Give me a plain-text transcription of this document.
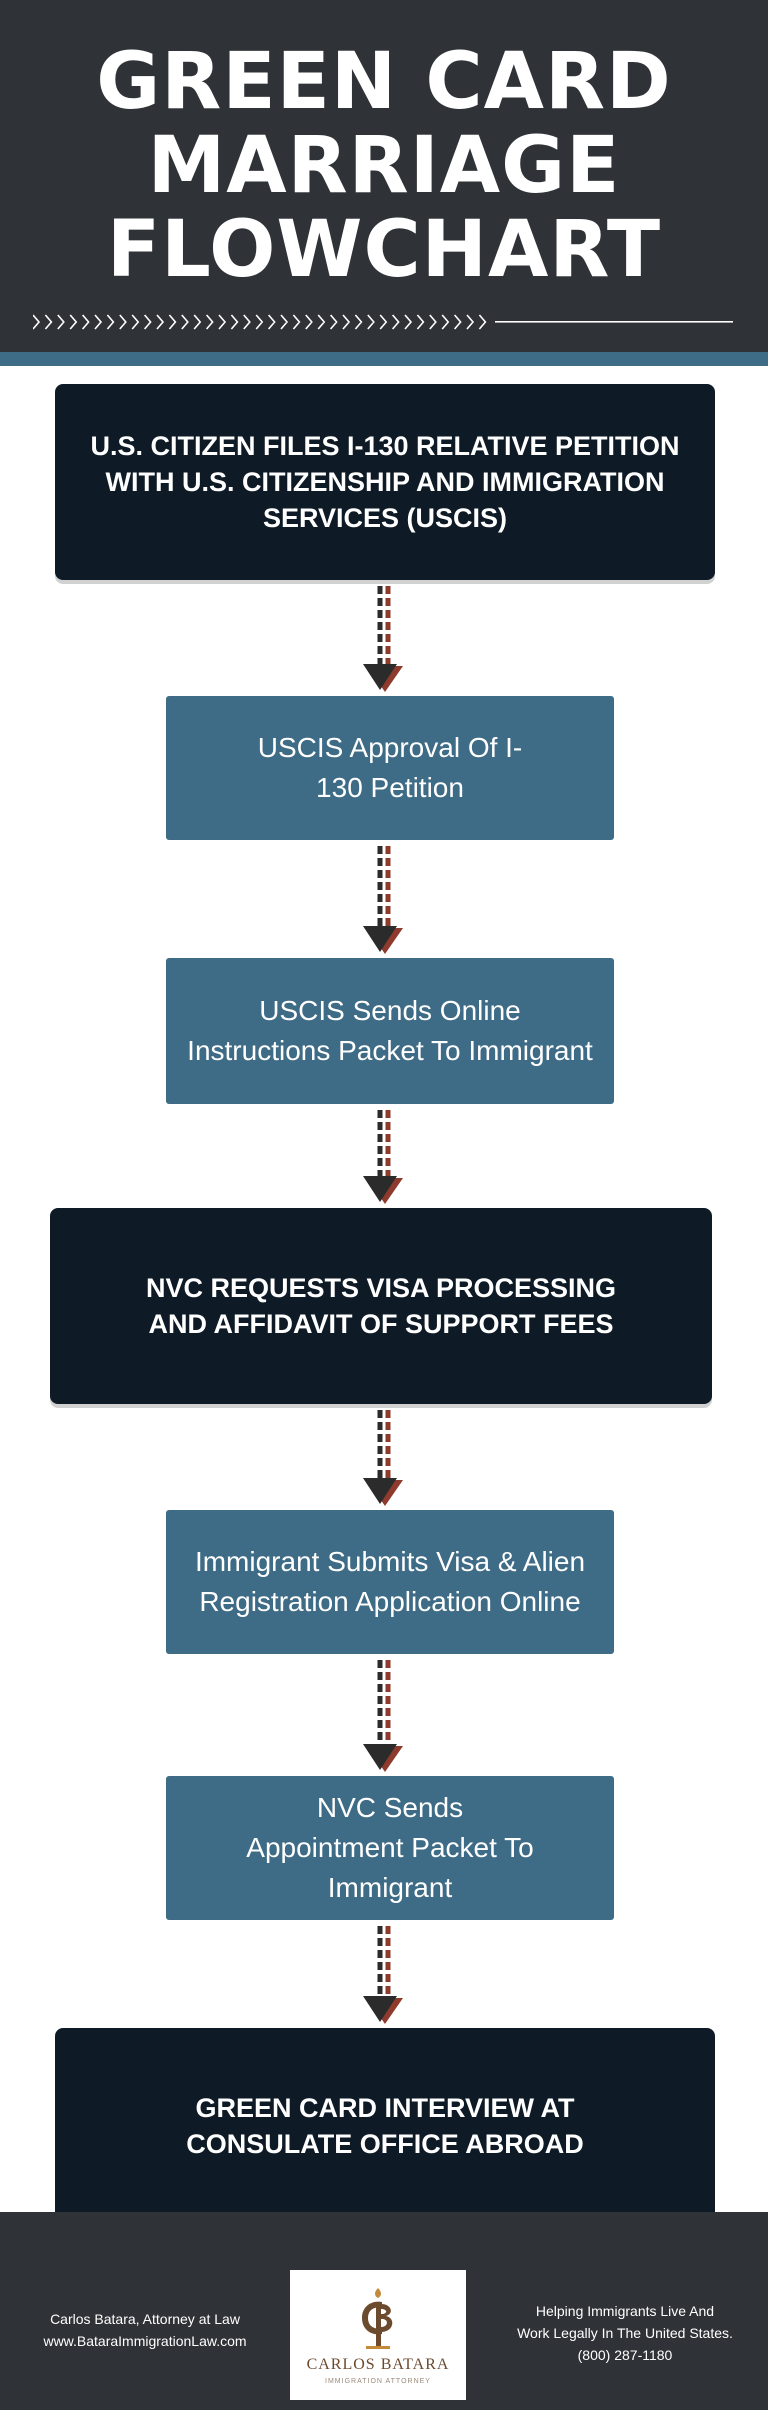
GREEN CARD
MARRIAGE
FLOWCHART
U.S. CITIZEN FILES I-130 RELATIVE PETITION WITH U.S. CITIZENSHIP AND IMMIGRATION SERVICES (USCIS)
USCIS Approval Of I-130 Petition
USCIS Sends Online Instructions Packet To Immigrant
NVC REQUESTS VISA PROCESSING AND AFFIDAVIT OF SUPPORT FEES
Immigrant Submits Visa & Alien Registration Application Online
NVC Sends Appointment Packet To Immigrant
GREEN CARD INTERVIEW AT CONSULATE OFFICE ABROAD
Carlos Batara, Attorney at Law
www.BataraImmigrationLaw.com
CARLOS BATARA
IMMIGRATION ATTORNEY
Helping Immigrants Live And
Work Legally In The United States.
(800) 287-1180
